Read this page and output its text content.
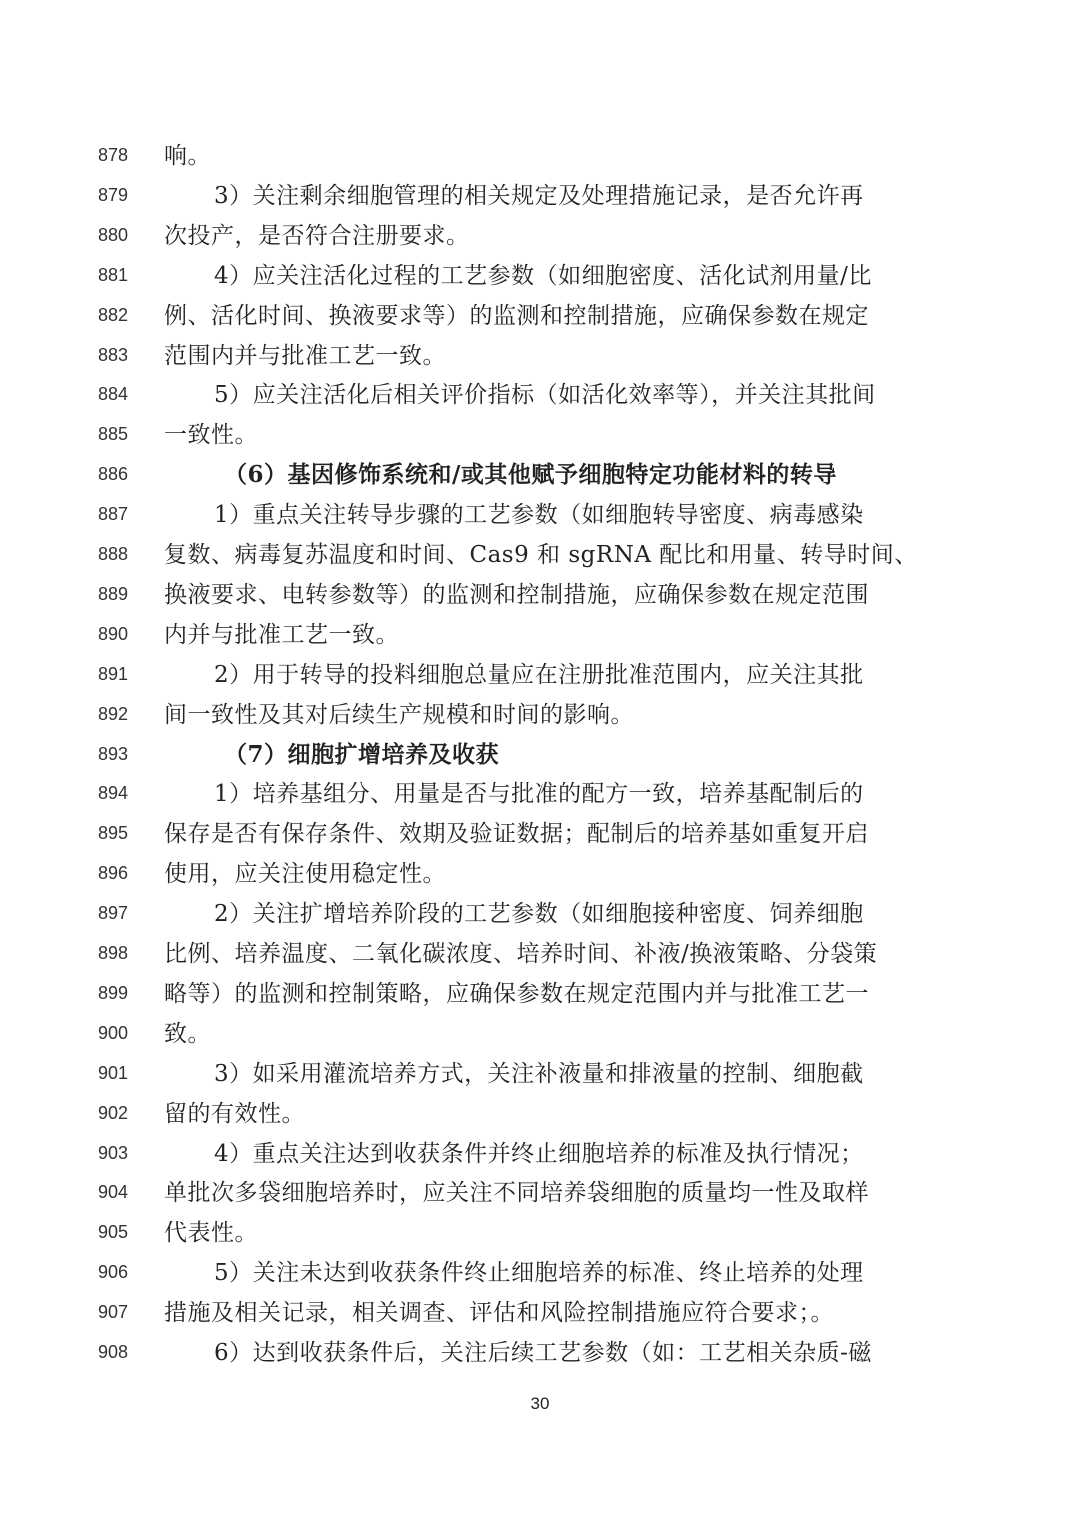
878	响。
879	3）关注剩余细胞管理的相关规定及处理措施记录，是否允许再
880	次投产，是否符合注册要求。
881	4）应关注活化过程的工艺参数（如细胞密度、活化试剂用量/比
882	例、活化时间、换液要求等）的监测和控制措施，应确保参数在规定
883	范围内并与批准工艺一致。
884	5）应关注活化后相关评价指标（如活化效率等），并关注其批间
885	一致性。
886	（6）基因修饰系统和/或其他赋予细胞特定功能材料的转导
887	1）重点关注转导步骤的工艺参数（如细胞转导密度、病毒感染
888	复数、病毒复苏温度和时间、Cas9 和 sgRNA 配比和用量、转导时间、
889	换液要求、电转参数等）的监测和控制措施，应确保参数在规定范围
890	内并与批准工艺一致。
891	2）用于转导的投料细胞总量应在注册批准范围内，应关注其批
892	间一致性及其对后续生产规模和时间的影响。
893	（7）细胞扩增培养及收获
894	1）培养基组分、用量是否与批准的配方一致，培养基配制后的
895	保存是否有保存条件、效期及验证数据；配制后的培养基如重复开启
896	使用，应关注使用稳定性。
897	2）关注扩增培养阶段的工艺参数（如细胞接种密度、饲养细胞
898	比例、培养温度、二氧化碳浓度、培养时间、补液/换液策略、分袋策
899	略等）的监测和控制策略，应确保参数在规定范围内并与批准工艺一
900	致。
901	3）如采用灌流培养方式，关注补液量和排液量的控制、细胞截
902	留的有效性。
903	4）重点关注达到收获条件并终止细胞培养的标准及执行情况；
904	单批次多袋细胞培养时，应关注不同培养袋细胞的质量均一性及取样
905	代表性。
906	5）关注未达到收获条件终止细胞培养的标准、终止培养的处理
907	措施及相关记录，相关调查、评估和风险控制措施应符合要求；。
908	6）达到收获条件后，关注后续工艺参数（如：工艺相关杂质-磁
30
